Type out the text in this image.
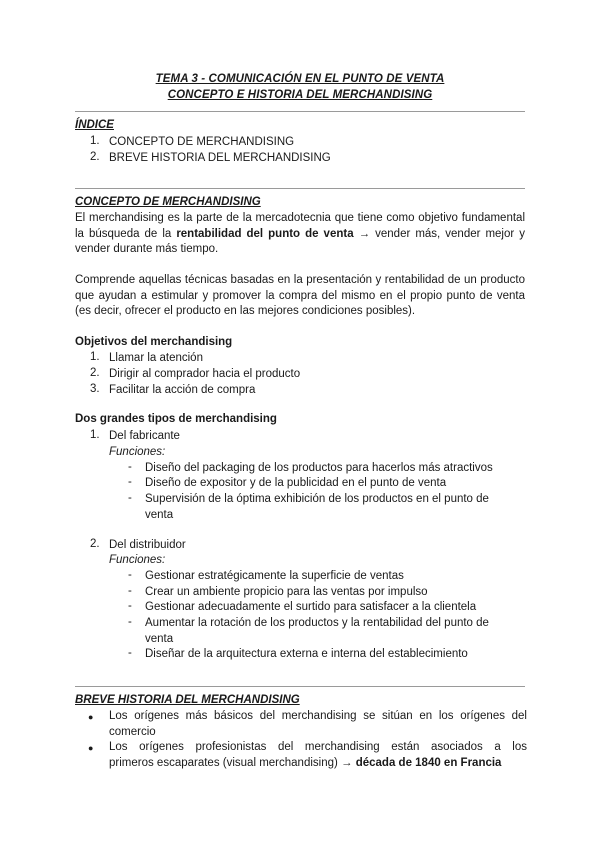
TEMA 3 - COMUNICACIÓN EN EL PUNTO DE VENTA
CONCEPTO E HISTORIA DEL MERCHANDISING
ÍNDICE
1. CONCEPTO DE MERCHANDISING
2. BREVE HISTORIA DEL MERCHANDISING
CONCEPTO DE MERCHANDISING
El merchandising es la parte de la mercadotecnia que tiene como objetivo fundamental la búsqueda de la rentabilidad del punto de venta → vender más, vender mejor y vender durante más tiempo.
Comprende aquellas técnicas basadas en la presentación y rentabilidad de un producto que ayudan a estimular y promover la compra del mismo en el propio punto de venta (es decir, ofrecer el producto en las mejores condiciones posibles).
Objetivos del merchandising
1. Llamar la atención
2. Dirigir al comprador hacia el producto
3. Facilitar la acción de compra
Dos grandes tipos de merchandising
1. Del fabricante
Funciones:
- Diseño del packaging de los productos para hacerlos más atractivos
- Diseño de expositor y de la publicidad en el punto de venta
- Supervisión de la óptima exhibición de los productos en el punto de
venta
2. Del distribuidor
Funciones:
- Gestionar estratégicamente la superficie de ventas
- Crear un ambiente propicio para las ventas por impulso
- Gestionar adecuadamente el surtido para satisfacer a la clientela
- Aumentar la rotación de los productos y la rentabilidad del punto de
venta
- Diseñar de la arquitectura externa e interna del establecimiento
BREVE HISTORIA DEL MERCHANDISING
● Los orígenes más básicos del merchandising se sitúan en los orígenes del
comercio
● Los orígenes profesionistas del merchandising están asociados a los
primeros escaparates (visual merchandising) → década de 1840 en Francia
